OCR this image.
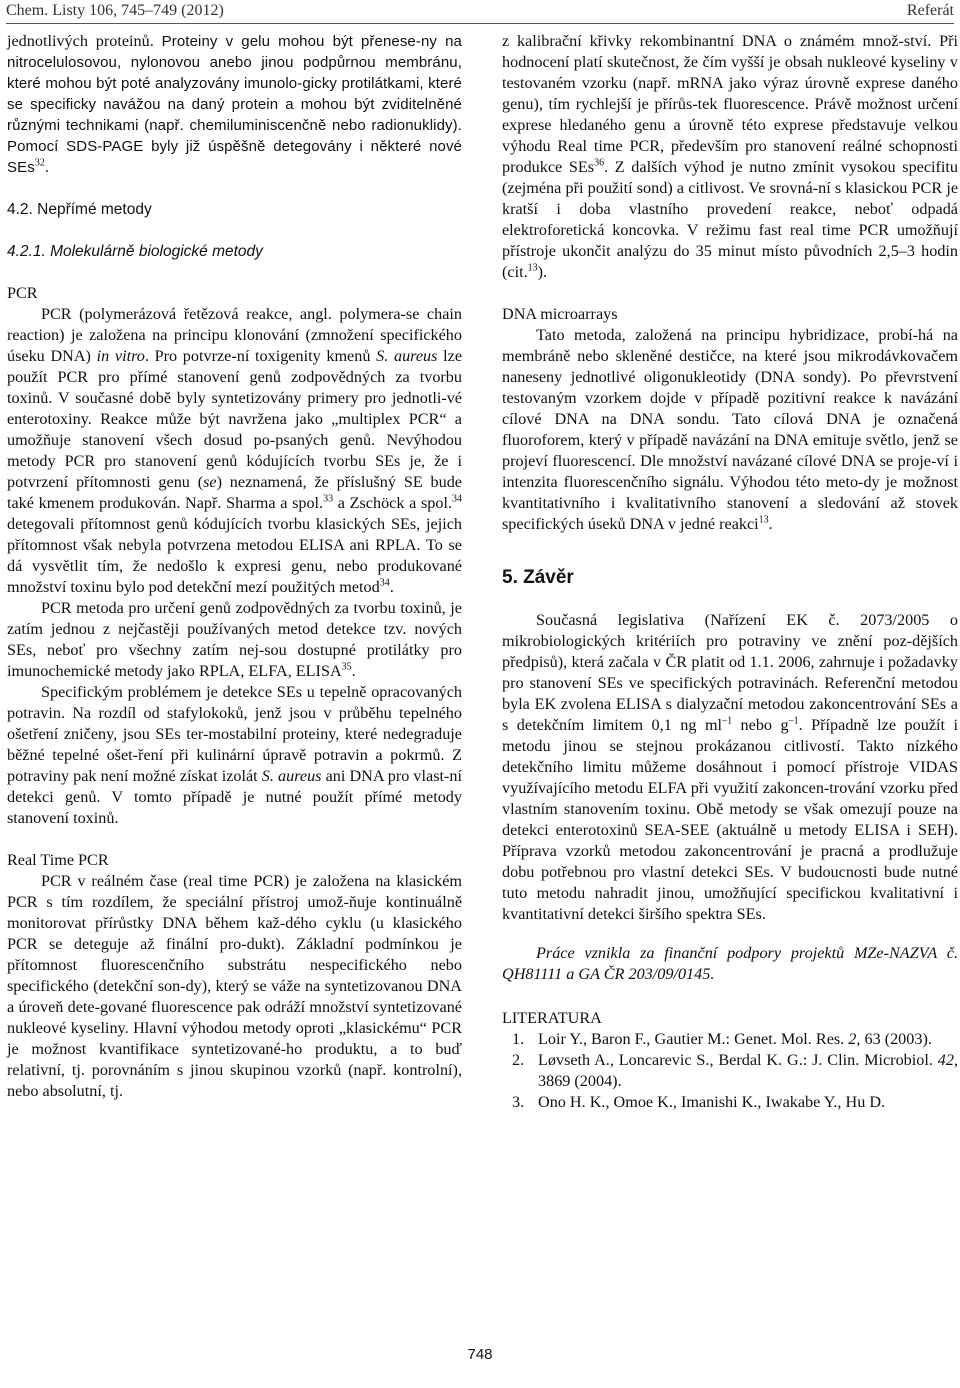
Chem. Listy 106, 745–749 (2012)	Referát

jednotlivých proteinů. Proteiny v gelu mohou být přenese-ny na nitrocelulosovou, nylonovou anebo jinou podpůrnou membránu, které mohou být poté analyzovány imunolo-gicky protilátkami, které se specificky navážou na daný protein a mohou být zviditelněné různými technikami (např. chemiluminiscenčně nebo radionuklidy). Pomocí SDS-PAGE byly již úspěšně detegovány i některé nové SEs$^{32}$.

4.2. Nepřímé metody

4.2.1. Molekulárně biologické metody

PCR

PCR (polymerázová řetězová reakce, angl. polymera-se chain reaction) je založena na principu klonování (zmnožení specifického úseku DNA) in vitro. Pro potvrze-ní toxigenity kmenů S. aureus lze použít PCR pro přímé stanovení genů zodpovědných za tvorbu toxinů. V současné době byly syntetizovány primery pro jednotli-vé enterotoxiny. Reakce může být navržena jako „multiplex PCR“ a umožňuje stanovení všech dosud po-psaných genů. Nevýhodou metody PCR pro stanovení genů kódujících tvorbu SEs je, že i potvrzení přítomnosti genu (se) neznamená, že příslušný SE bude také kmenem produkován. Např. Sharma a spol.$^{33}$ a Zschöck a spol.$^{34}$ detegovali přítomnost genů kódujících tvorbu klasických SEs, jejich přítomnost však nebyla potvrzena metodou ELISA ani RPLA. To se dá vysvětlit tím, že nedošlo k expresi genu, nebo produkované množství toxinu bylo pod detekční mezí použitých metod$^{34}$.

PCR metoda pro určení genů zodpovědných za tvorbu toxinů, je zatím jednou z nejčastěji používaných metod detekce tzv. nových SEs, neboť pro všechny zatím nej-sou dostupné protilátky pro imunochemické metody jako RPLA, ELFA, ELISA$^{35}$.

Specifickým problémem je detekce SEs u tepelně opracovaných potravin. Na rozdíl od stafylokoků, jenž jsou v průběhu tepelného ošetření zničeny, jsou SEs ter-mostabilní proteiny, které nedegraduje běžné tepelné ošet-ření při kulinární úpravě potravin a pokrmů. Z potraviny pak není možné získat izolát S. aureus ani DNA pro vlast-ní detekci genů. V tomto případě je nutné použít přímé metody stanovení toxinů.

Real Time PCR

PCR v reálném čase (real time PCR) je založena na klasickém PCR s tím rozdílem, že speciální přístroj umož-ňuje kontinuálně monitorovat přírůstky DNA během kaž-dého cyklu (u klasického PCR se deteguje až finální pro-dukt). Základní podmínkou je přítomnost fluorescenčního substrátu nespecifického nebo specifického (detekční son-dy), který se váže na syntetizovanou DNA a úroveň dete-gované fluorescence pak odráží množství syntetizované nukleové kyseliny. Hlavní výhodou metody oproti „klasickému“ PCR je možnost kvantifikace syntetizované-ho produktu, a to buď relativní, tj. porovnáním s jinou skupinou vzorků (např. kontrolní), nebo absolutní, tj.

z kalibrační křivky rekombinantní DNA o známém množ-ství. Při hodnocení platí skutečnost, že čím vyšší je obsah nukleové kyseliny v testovaném vzorku (např. mRNA jako výraz úrovně exprese daného genu), tím rychlejší je přírůs-tek fluorescence. Právě možnost určení exprese hledaného genu a úrovně této exprese představuje velkou výhodu Real time PCR, především pro stanovení reálné schopnosti produkce SEs$^{36}$. Z dalších výhod je nutno zmínit vysokou specifitu (zejména při použití sond) a citlivost. Ve srovná-ní s klasickou PCR je kratší i doba vlastního provedení reakce, neboť odpadá elektroforetická koncovka. V režimu fast real time PCR umožňují přístroje ukončit analýzu do 35 minut místo původních 2,5–3 hodin (cit.$^{13}$).

DNA microarrays

Tato metoda, založená na principu hybridizace, probí-há na membráně nebo skleněné destičce, na které jsou mikrodávkovačem naneseny jednotlivé oligonukleotidy (DNA sondy). Po převrstvení testovaným vzorkem dojde v případě pozitivní reakce k navázání cílové DNA na DNA sondu. Tato cílová DNA je označená fluoroforem, který v případě navázání na DNA emituje světlo, jenž se projeví fluorescencí. Dle množství navázané cílové DNA se proje-ví i intenzita fluorescenčního signálu. Výhodou této meto-dy je možnost kvantitativního i kvalitativního stanovení a sledování až stovek specifických úseků DNA v jedné reakci$^{13}$.

5. Závěr

Současná legislativa (Nařízení EK č. 2073/2005 o mikrobiologických kritériích pro potraviny ve znění poz-dějších předpisů), která začala v ČR platit od 1.1. 2006, zahrnuje i požadavky pro stanovení SEs ve specifických potravinách. Referenční metodou byla EK zvolena ELISA s dialyzační metodou zakoncentrování SEs a s detekčním limitem 0,1 ng $ml^{-1}$ nebo $g^{-1}$. Případně lze použít i metodu jinou se stejnou prokázanou citlivostí. Takto nízkého detekčního limitu můžeme dosáhnout i pomocí přístroje VIDAS využívajícího metodu ELFA při využití zakoncen-trování vzorku před vlastním stanovením toxinu. Obě metody se však omezují pouze na detekci enterotoxinů SEA-SEE (aktuálně u metody ELISA i SEH). Příprava vzorků metodou zakoncentrování je pracná a prodlužuje dobu potřebnou pro vlastní detekci SEs. V budoucnosti bude nutné tuto metodu nahradit jinou, umožňující specifickou kvalitativní i kvantitativní detekci širšího spektra SEs.

Práce vznikla za finanční podpory projektů MZe-NAZVA č. QH81111 a GA ČR 203/09/0145.

LITERATURA

1. Loir Y., Baron F., Gautier M.: Genet. Mol. Res. 2, 63 (2003).
2. Løvseth A., Loncarevic S., Berdal K. G.: J. Clin. Microbiol. 42, 3869 (2004).
3. Ono H. K., Omoe K., Imanishi K., Iwakabe Y., Hu D.
748
